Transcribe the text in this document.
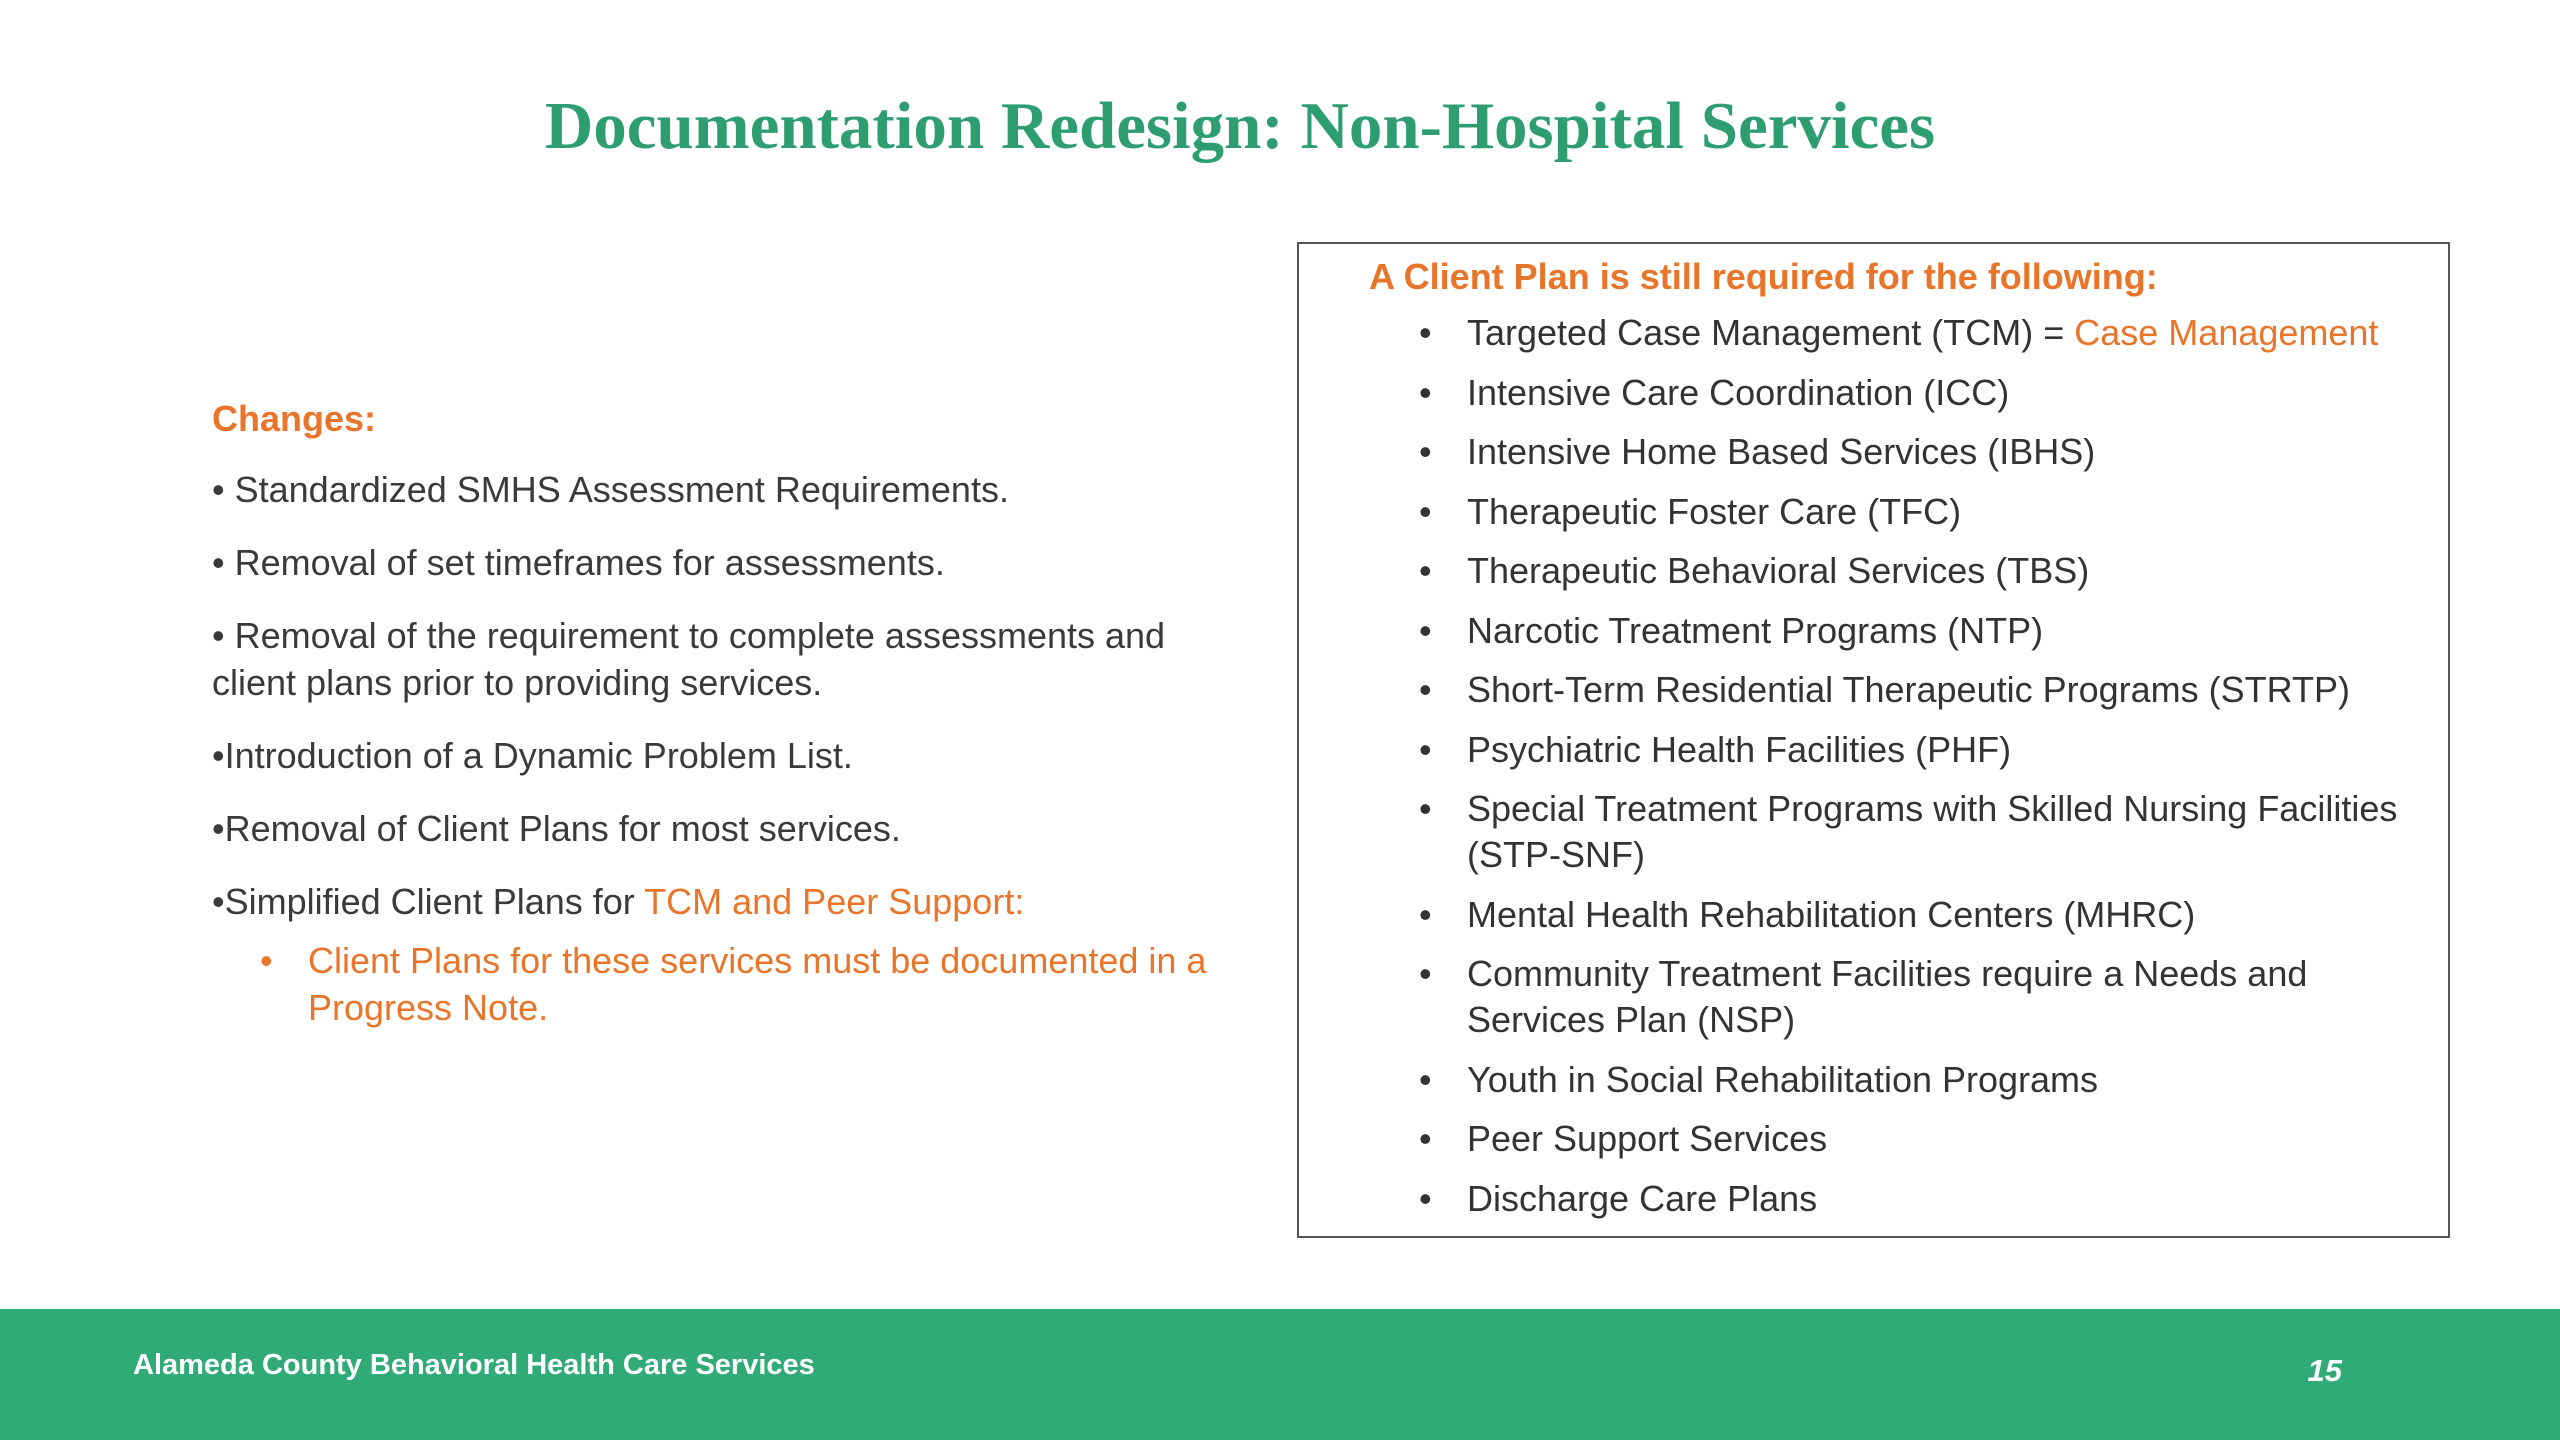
Documentation Redesign: Non-Hospital Services
Changes:
• Standardized SMHS Assessment Requirements.
• Removal of set timeframes for assessments.
• Removal of the requirement to complete assessments and client plans prior to providing services.
•Introduction of a Dynamic Problem List.
•Removal of Client Plans for most services.
•Simplified Client Plans for TCM and Peer Support:
• Client Plans for these services must be documented in a Progress Note.
A Client Plan is still required for the following:
• Targeted Case Management (TCM) = Case Management
• Intensive Care Coordination (ICC)
• Intensive Home Based Services (IBHS)
• Therapeutic Foster Care (TFC)
• Therapeutic Behavioral Services (TBS)
• Narcotic Treatment Programs (NTP)
• Short-Term Residential Therapeutic Programs (STRTP)
• Psychiatric Health Facilities (PHF)
• Special Treatment Programs with Skilled Nursing Facilities (STP-SNF)
• Mental Health Rehabilitation Centers (MHRC)
• Community Treatment Facilities require a Needs and Services Plan (NSP)
• Youth in Social Rehabilitation Programs
• Peer Support Services
• Discharge Care Plans
Alameda County Behavioral Health Care Services	15
